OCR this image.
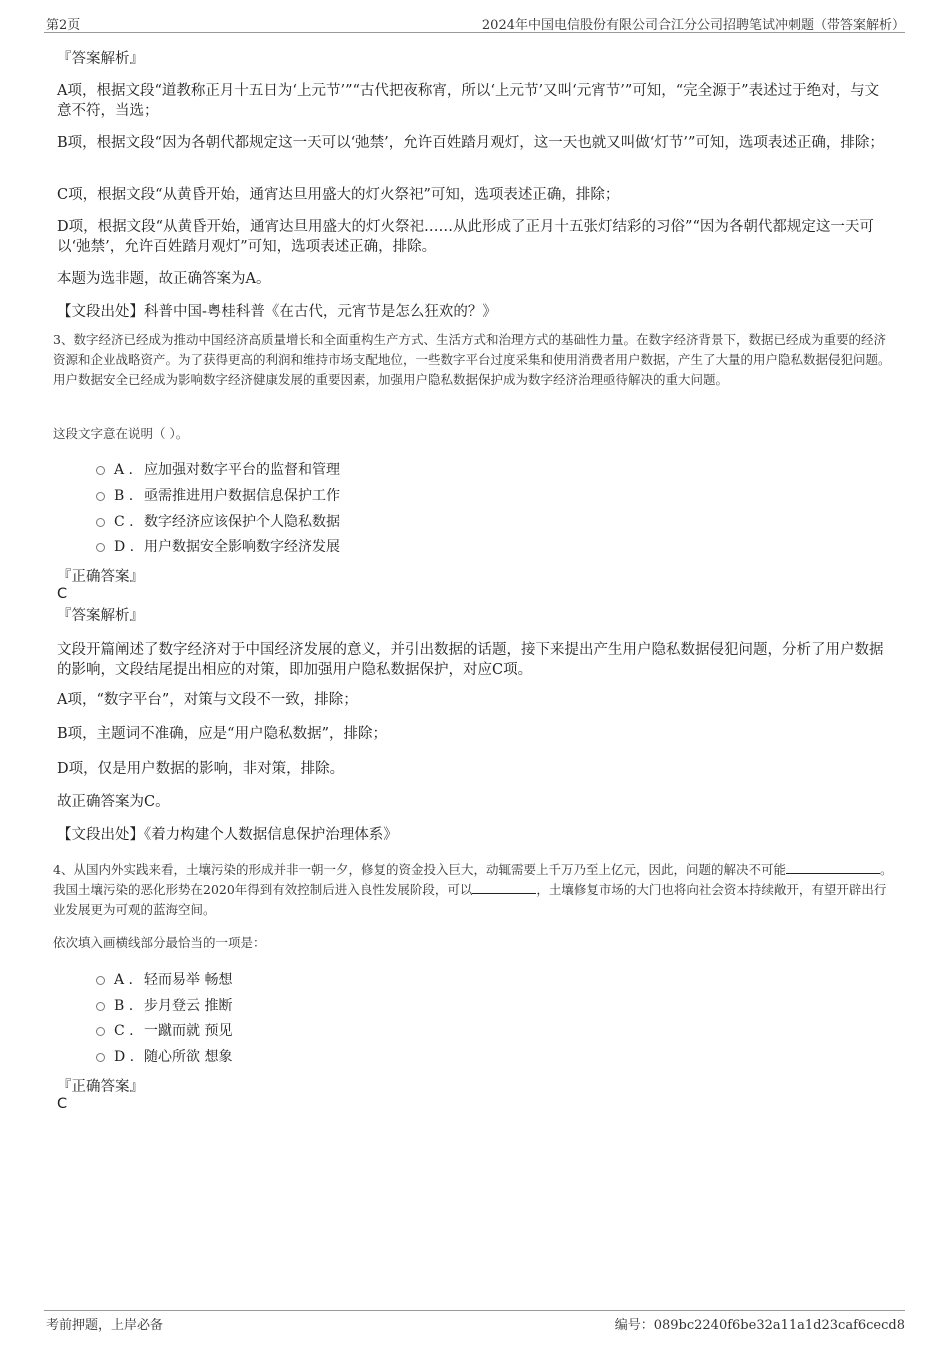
第2页	2024年中国电信股份有限公司合江分公司招聘笔试冲刺题（带答案解析）
『答案解析』
A项，根据文段“道教称正月十五日为‘上元节’”“古代把夜称宵，所以‘上元节’又叫‘元宵节’”可知，“完全源于”表述过于绝对，与文意不符，当选；
B项，根据文段“因为各朝代都规定这一天可以‘弛禁’，允许百姓踏月观灯，这一天也就又叫做‘灯节’”可知，选项表述正确，排除；
C项，根据文段“从黄昏开始，通宵达旦用盛大的灯火祭祀”可知，选项表述正确，排除；
D项，根据文段“从黄昏开始，通宵达旦用盛大的灯火祭祀……从此形成了正月十五张灯结彩的习俗”“因为各朝代都规定这一天可以‘弛禁’，允许百姓踏月观灯”可知，选项表述正确，排除。
本题为选非题，故正确答案为A。
【文段出处】科普中国-粤桂科普《在古代，元宵节是怎么狂欢的？》
3、数字经济已经成为推动中国经济高质量增长和全面重构生产方式、生活方式和治理方式的基础性力量。在数字经济背景下，数据已经成为重要的经济资源和企业战略资产。为了获得更高的利润和维持市场支配地位，一些数字平台过度采集和使用消费者用户数据，产生了大量的用户隐私数据侵犯问题。用户数据安全已经成为影响数字经济健康发展的重要因素，加强用户隐私数据保护成为数字经济治理亟待解决的重大问题。
这段文字意在说明（ ）。
A . 应加强对数字平台的监督和管理
B . 亟需推进用户数据信息保护工作
C . 数字经济应该保护个人隐私数据
D . 用户数据安全影响数字经济发展
『正确答案』
C
『答案解析』
文段开篇阐述了数字经济对于中国经济发展的意义，并引出数据的话题，接下来提出产生用户隐私数据侵犯问题，分析了用户数据的影响，文段结尾提出相应的对策，即加强用户隐私数据保护，对应C项。
A项，“数字平台”，对策与文段不一致，排除；
B项，主题词不准确，应是“用户隐私数据”，排除；
D项，仅是用户数据的影响，非对策，排除。
故正确答案为C。
【文段出处】《着力构建个人数据信息保护治理体系》
4、从国内外实践来看，土壤污染的形成并非一朝一夕，修复的资金投入巨大，动辄需要上千万乃至上亿元，因此，问题的解决不可能	。我国土壤污染的恶化形势在2020年得到有效控制后进入良性发展阶段，可以	，土壤修复市场的大门也将向社会资本持续敞开，有望开辟出行业发展更为可观的蓝海空间。
依次填入画横线部分最恰当的一项是：
A . 轻而易举 畅想
B . 步月登云 推断
C . 一蹴而就 预见
D . 随心所欲 想象
『正确答案』
C
考前押题，上岸必备	编号：089bc2240f6be32a11a1d23caf6cecd8
